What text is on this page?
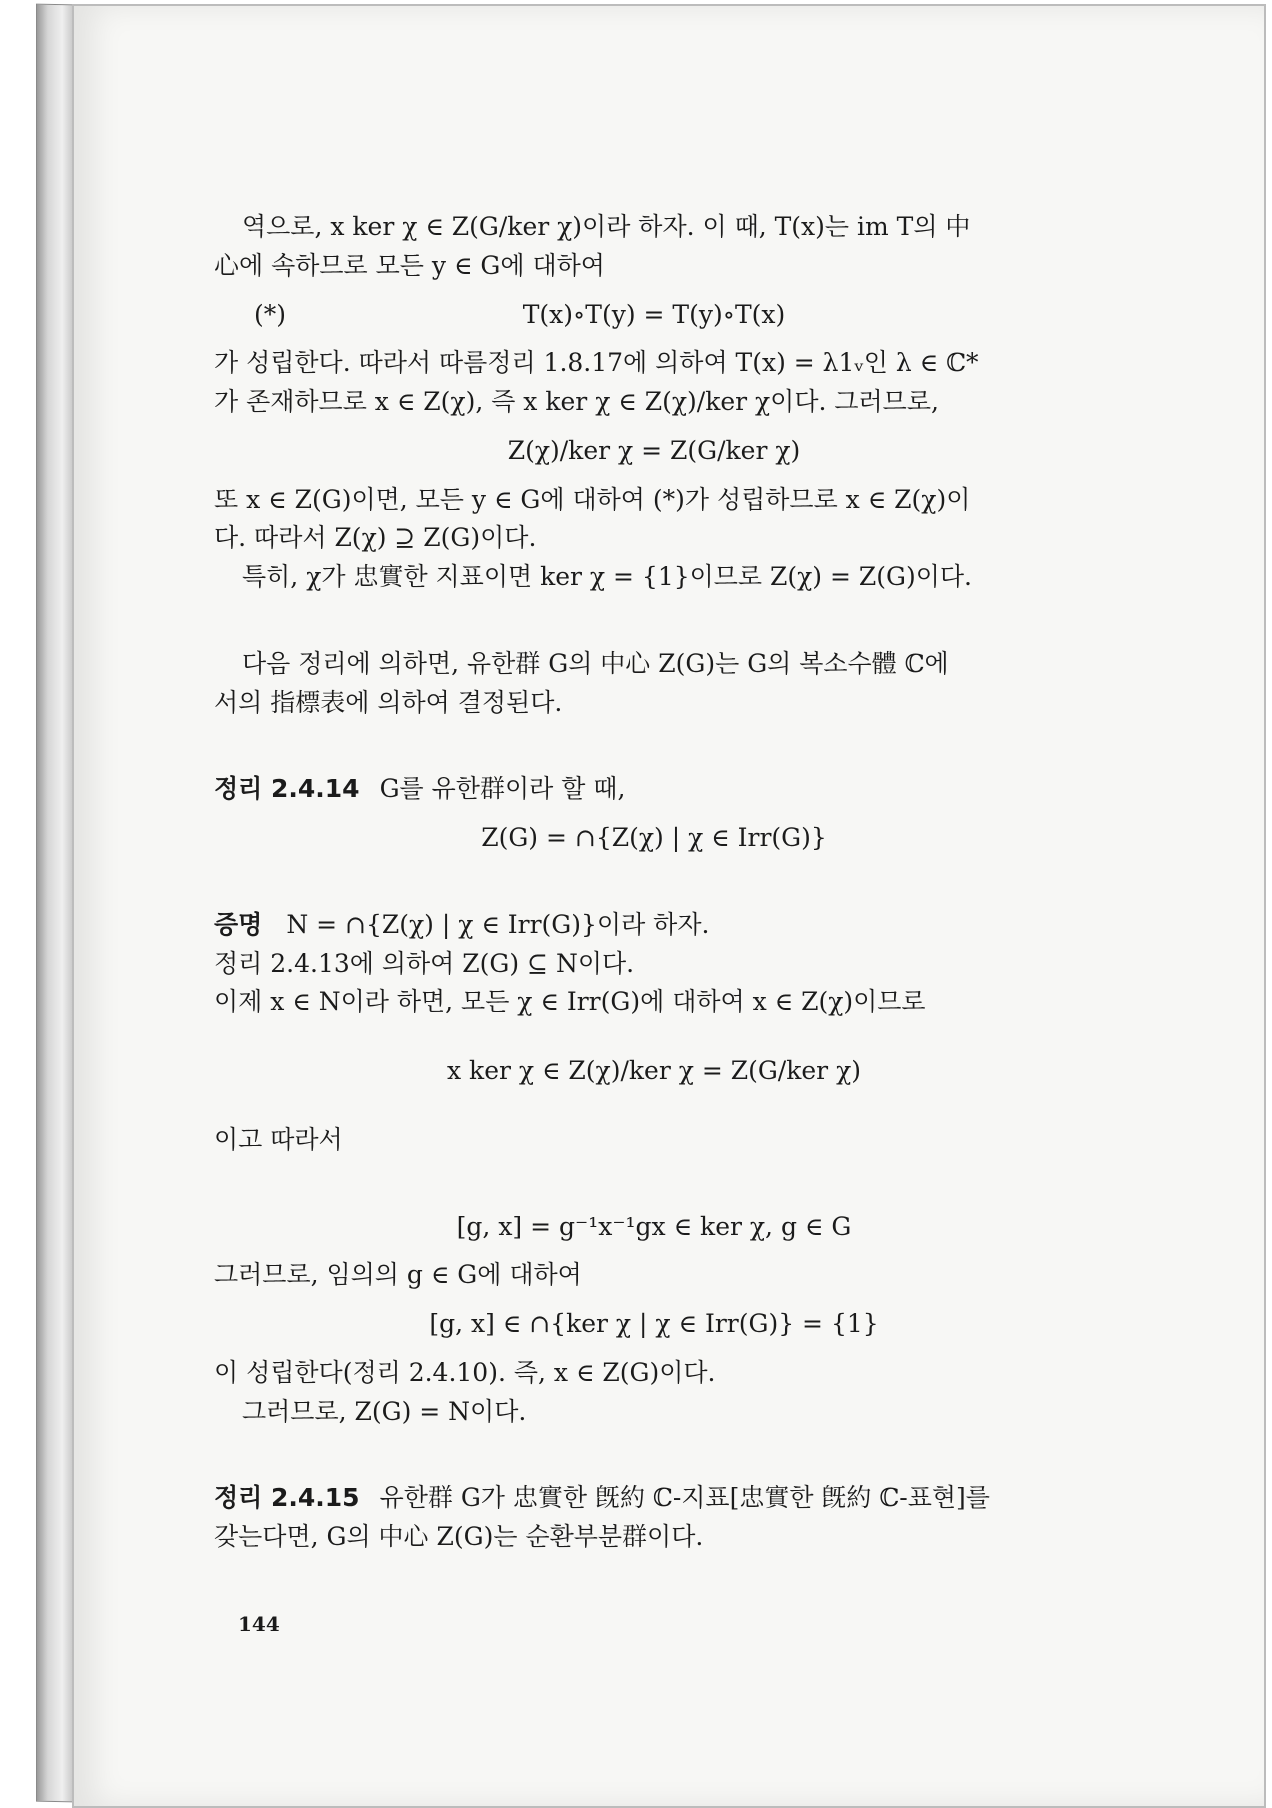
역으로, x ker χ ∈ Z(G/ker χ)이라 하자. 이 때, T(x)는 im T의 中
心에 속하므로 모든 y ∈ G에 대하여
(*)	T(x)∘T(y) = T(y)∘T(x)
가 성립한다. 따라서 따름정리 1.8.17에 의하여 T(x) = λ1ᵥ인 λ ∈ ℂ*
가 존재하므로 x ∈ Z(χ), 즉 x ker χ ∈ Z(χ)/ker χ이다. 그러므로,
Z(χ)/ker χ = Z(G/ker χ)
또 x ∈ Z(G)이면, 모든 y ∈ G에 대하여 (*)가 성립하므로 x ∈ Z(χ)이
다. 따라서 Z(χ) ⊇ Z(G)이다.
특히, χ가 忠實한 지표이면 ker χ = {1}이므로 Z(χ) = Z(G)이다.
다음 정리에 의하면, 유한群 G의 中心 Z(G)는 G의 복소수體 ℂ에
서의 指標表에 의하여 결정된다.
정리 2.4.14 G를 유한群이라 할 때,
Z(G) = ∩{Z(χ) | χ ∈ Irr(G)}
증명 N = ∩{Z(χ) | χ ∈ Irr(G)}이라 하자.
정리 2.4.13에 의하여 Z(G) ⊆ N이다.
이제 x ∈ N이라 하면, 모든 χ ∈ Irr(G)에 대하여 x ∈ Z(χ)이므로
x ker χ ∈ Z(χ)/ker χ = Z(G/ker χ)
이고 따라서
[g, x] = g⁻¹x⁻¹gx ∈ ker χ, g ∈ G
그러므로, 임의의 g ∈ G에 대하여
[g, x] ∈ ∩{ker χ | χ ∈ Irr(G)} = {1}
이 성립한다(정리 2.4.10). 즉, x ∈ Z(G)이다.
그러므로, Z(G) = N이다.
정리 2.4.15 유한群 G가 忠實한 旣約 ℂ-지표[忠實한 旣約 ℂ-표현]를
갖는다면, G의 中心 Z(G)는 순환부분群이다.
144
